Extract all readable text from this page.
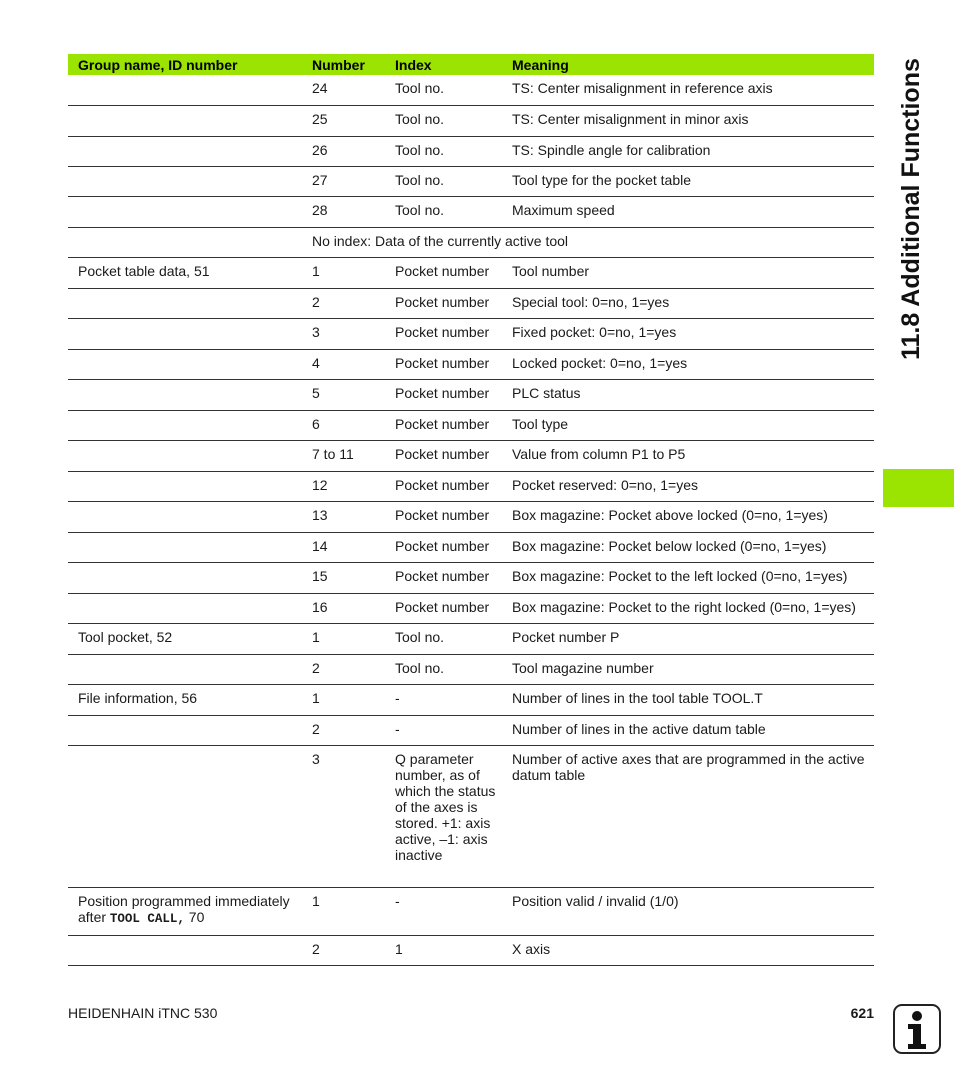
11.8 Additional Functions
Group name, ID number	Number	Index	Meaning
	24	Tool no.	TS: Center misalignment in reference axis
	25	Tool no.	TS: Center misalignment in minor axis
	26	Tool no.	TS: Spindle angle for calibration
	27	Tool no.	Tool type for the pocket table
	28	Tool no.	Maximum speed
	No index: Data of the currently active tool		
Pocket table data, 51	1	Pocket number	Tool number
	2	Pocket number	Special tool: 0=no, 1=yes
	3	Pocket number	Fixed pocket: 0=no, 1=yes
	4	Pocket number	Locked pocket: 0=no, 1=yes
	5	Pocket number	PLC status
	6	Pocket number	Tool type
	7 to 11	Pocket number	Value from column P1 to P5
	12	Pocket number	Pocket reserved: 0=no, 1=yes
	13	Pocket number	Box magazine: Pocket above locked (0=no, 1=yes)
	14	Pocket number	Box magazine: Pocket below locked (0=no, 1=yes)
	15	Pocket number	Box magazine: Pocket to the left locked (0=no, 1=yes)
	16	Pocket number	Box magazine: Pocket to the right locked (0=no, 1=yes)
Tool pocket, 52	1	Tool no.	Pocket number P
	2	Tool no.	Tool magazine number
File information, 56	1	-	Number of lines in the tool table TOOL.T
	2	-	Number of lines in the active datum table
	3	Q parameter number, as of which the status of the axes is stored. +1: axis active, –1: axis inactive	Number of active axes that are programmed in the active datum table
Position programmed immediately after TOOL CALL, 70	1	-	Position valid / invalid (1/0)
	2	1	X axis
HEIDENHAIN iTNC 530	621
